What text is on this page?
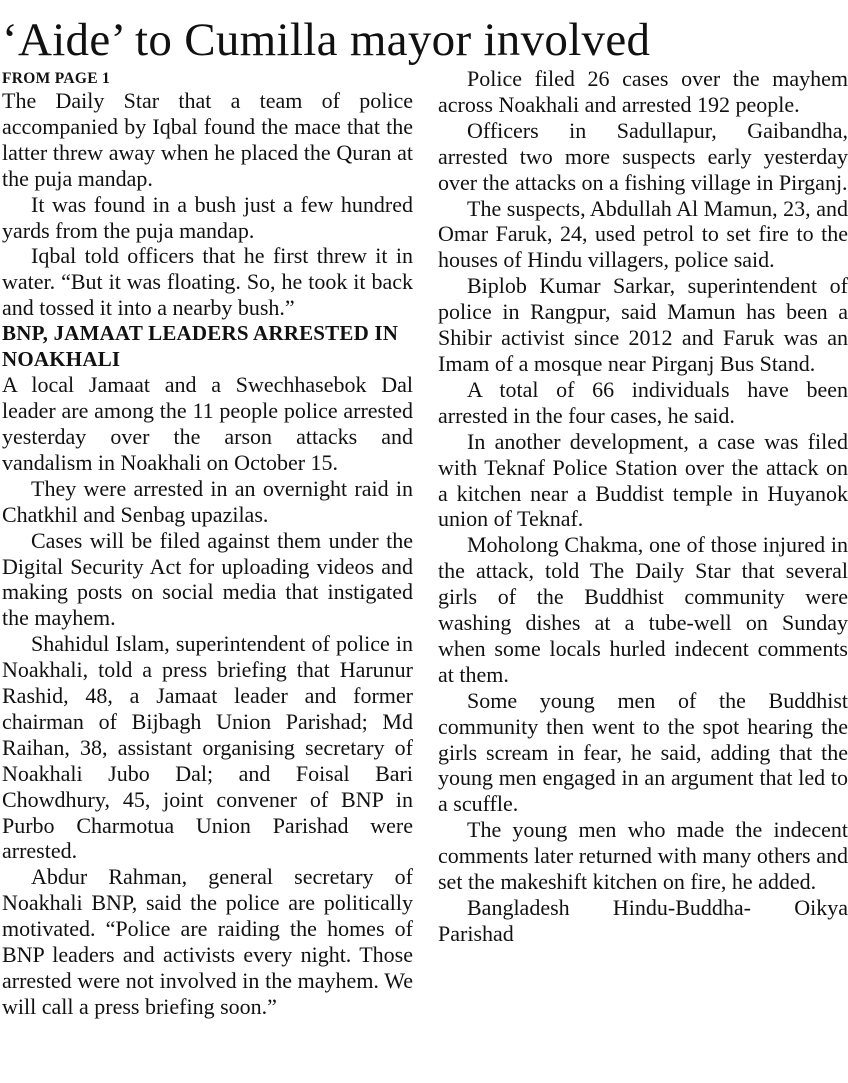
‘Aide’ to Cumilla mayor involved
FROM PAGE 1

The Daily Star that a team of police accompanied by Iqbal found the mace that the latter threw away when he placed the Quran at the puja mandap.

It was found in a bush just a few hundred yards from the puja mandap.

Iqbal told officers that he first threw it in water. “But it was floating. So, he took it back and tossed it into a nearby bush.”

BNP, JAMAAT LEADERS ARRESTED IN NOAKHALI

A local Jamaat and a Swechhasebok Dal leader are among the 11 people police arrested yesterday over the arson attacks and vandalism in Noakhali on October 15.

They were arrested in an overnight raid in Chatkhil and Senbag upazilas.

Cases will be filed against them under the Digital Security Act for uploading videos and making posts on social media that instigated the mayhem.

Shahidul Islam, superintendent of police in Noakhali, told a press briefing that Harunur Rashid, 48, a Jamaat leader and former chairman of Bijbagh Union Parishad; Md Raihan, 38, assistant organising secretary of Noakhali Jubo Dal; and Foisal Bari Chowdhury, 45, joint convener of BNP in Purbo Charmotua Union Parishad were arrested.

Abdur Rahman, general secretary of Noakhali BNP, said the police are politically motivated. “Police are raiding the homes of BNP leaders and activists every night. Those arrested were not involved in the mayhem. We will call a press briefing soon.”

Police filed 26 cases over the mayhem across Noakhali and arrested 192 people.

Officers in Sadullapur, Gaibandha, arrested two more suspects early yesterday over the attacks on a fishing village in Pirganj.

The suspects, Abdullah Al Mamun, 23, and Omar Faruk, 24, used petrol to set fire to the houses of Hindu villagers, police said.

Biplob Kumar Sarkar, superintendent of police in Rangpur, said Mamun has been a Shibir activist since 2012 and Faruk was an Imam of a mosque near Pirganj Bus Stand.

A total of 66 individuals have been arrested in the four cases, he said.

In another development, a case was filed with Teknaf Police Station over the attack on a kitchen near a Buddist temple in Huyanok union of Teknaf.

Moholong Chakma, one of those injured in the attack, told The Daily Star that several girls of the Buddhist community were washing dishes at a tube-well on Sunday when some locals hurled indecent comments at them.

Some young men of the Buddhist community then went to the spot hearing the girls scream in fear, he said, adding that the young men engaged in an argument that led to a scuffle.

The young men who made the indecent comments later returned with many others and set the makeshift kitchen on fire, he added.

Bangladesh Hindu-Buddha- Oikya Parishad
